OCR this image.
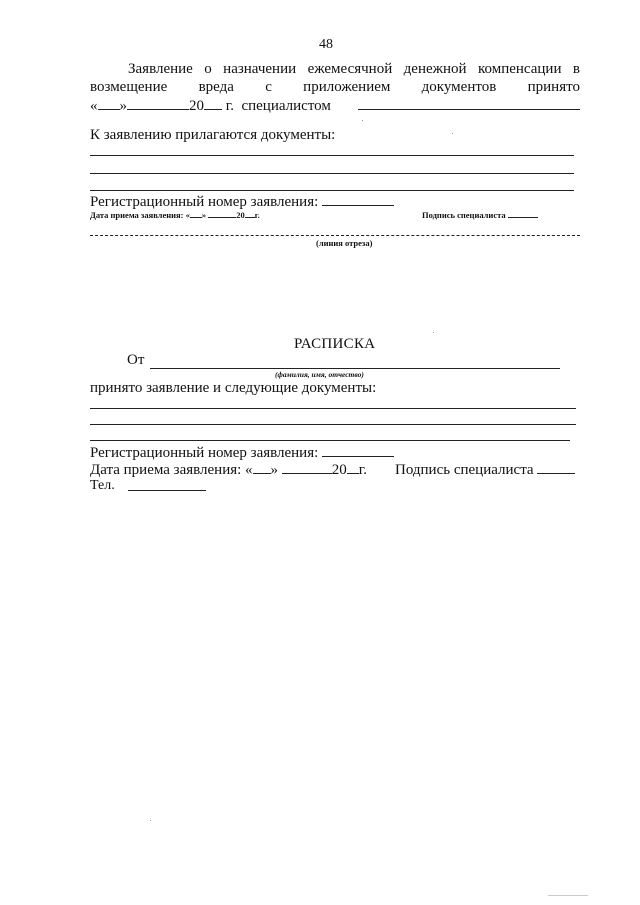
48
Заявление о назначении ежемесячной денежной компенсации в
возмещение вреда с приложением документов принято
« »	20 г. специалистом
К заявлению прилагаются документы:
Регистрационный номер заявления:
Дата приема заявления: « »	20 г.	Подпись специалиста
(линия отреза)
РАСПИСКА
От
(фамилия, имя, отчество)
принято заявление и следующие документы:
Регистрационный номер заявления:
Дата приема заявления: « »	20 г. Подпись специалиста
Тел.
